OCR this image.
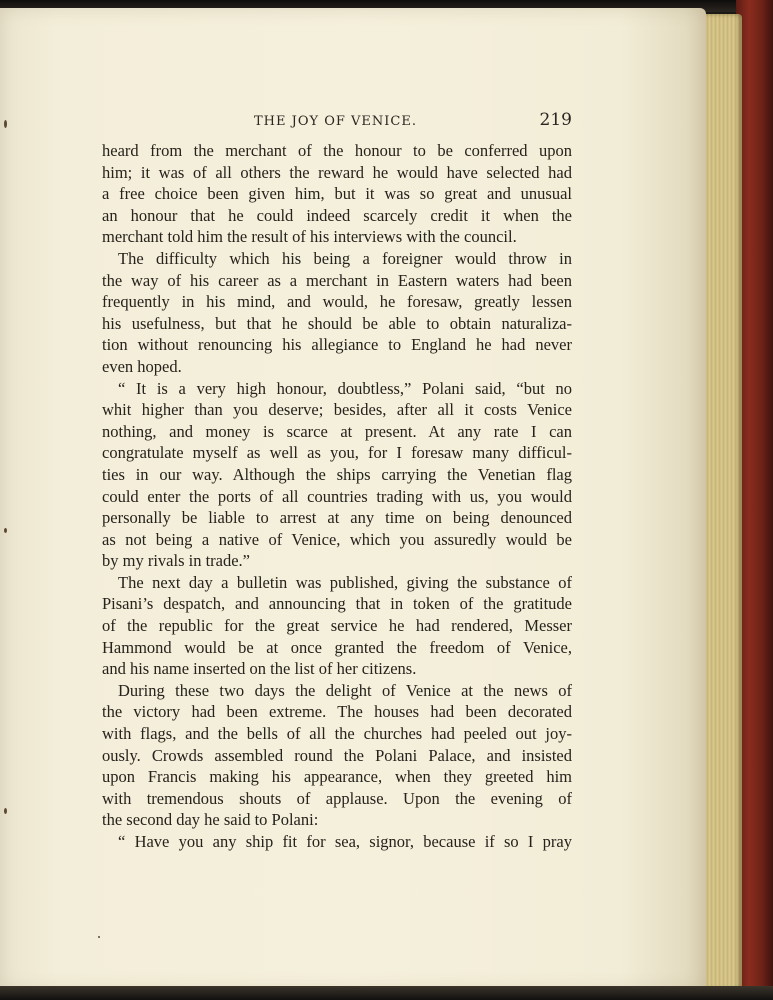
THE JOY OF VENICE.	219
heard from the merchant of the honour to be conferred upon
him; it was of all others the reward he would have selected had
a free choice been given him, but it was so great and unusual
an honour that he could indeed scarcely credit it when the
merchant told him the result of his interviews with the council.
The difficulty which his being a foreigner would throw in
the way of his career as a merchant in Eastern waters had been
frequently in his mind, and would, he foresaw, greatly lessen
his usefulness, but that he should be able to obtain naturaliza-
tion without renouncing his allegiance to England he had never
even hoped.
“ It is a very high honour, doubtless,” Polani said, “but no
whit higher than you deserve; besides, after all it costs Venice
nothing, and money is scarce at present. At any rate I can
congratulate myself as well as you, for I foresaw many difficul-
ties in our way. Although the ships carrying the Venetian flag
could enter the ports of all countries trading with us, you would
personally be liable to arrest at any time on being denounced
as not being a native of Venice, which you assuredly would be
by my rivals in trade.”
The next day a bulletin was published, giving the substance of
Pisani’s despatch, and announcing that in token of the gratitude
of the republic for the great service he had rendered, Messer
Hammond would be at once granted the freedom of Venice,
and his name inserted on the list of her citizens.
During these two days the delight of Venice at the news of
the victory had been extreme. The houses had been decorated
with flags, and the bells of all the churches had peeled out joy-
ously. Crowds assembled round the Polani Palace, and insisted
upon Francis making his appearance, when they greeted him
with tremendous shouts of applause. Upon the evening of
the second day he said to Polani:
“ Have you any ship fit for sea, signor, because if so I pray
